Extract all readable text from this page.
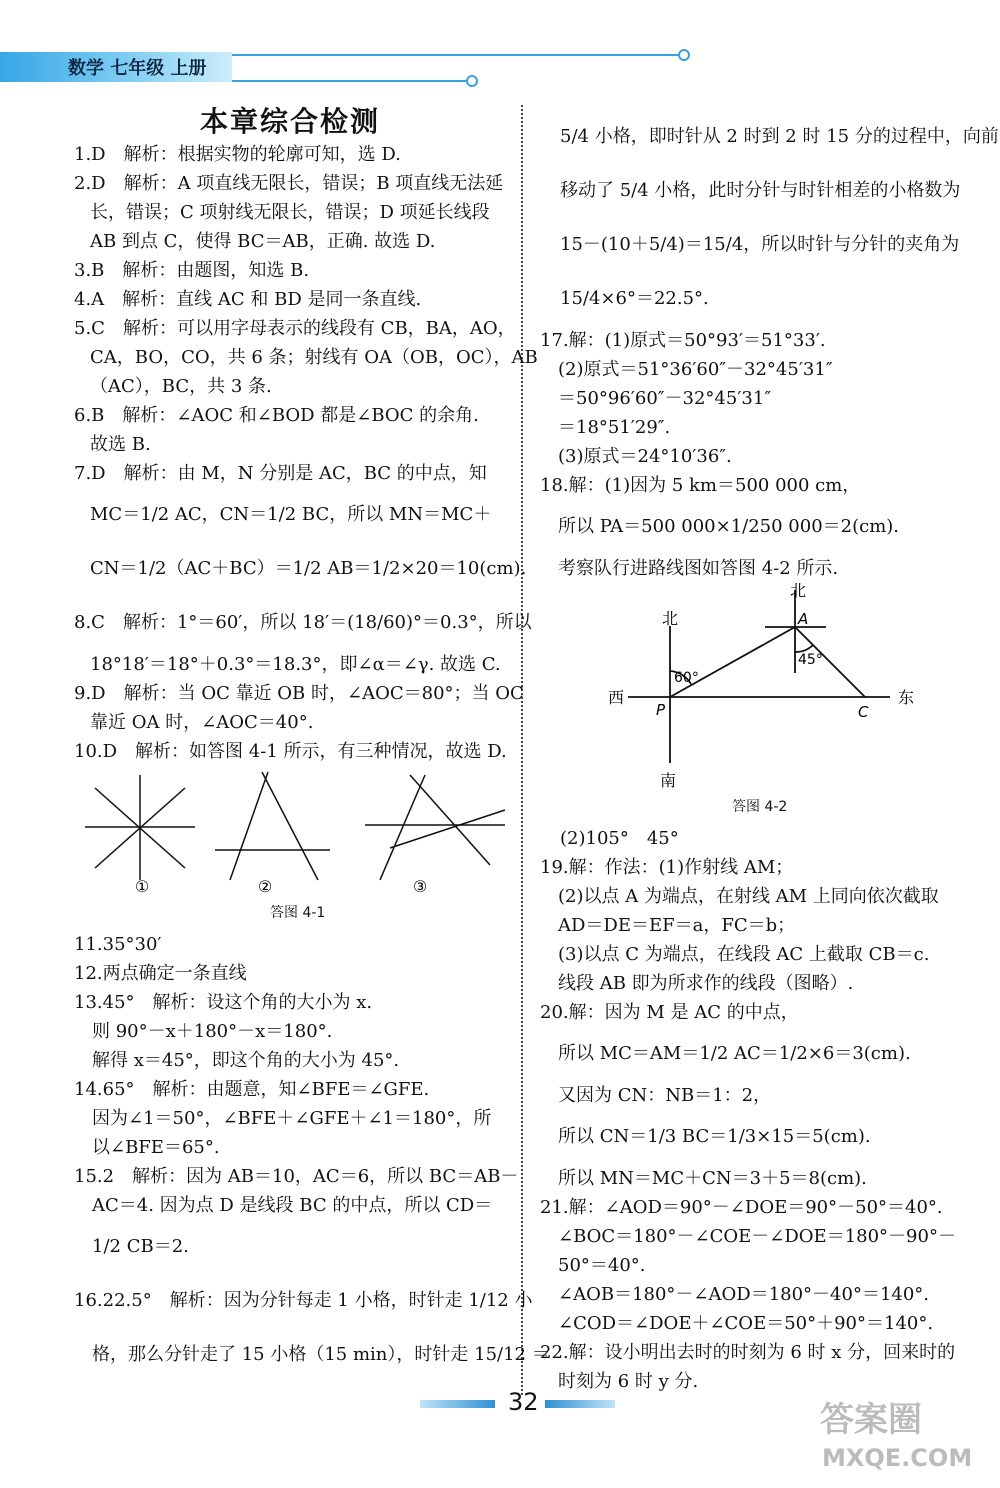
数学 七年级 上册
本章综合检测
1.D　解析：根据实物的轮廓可知，选 D.
2.D　解析：A 项直线无限长，错误；B 项直线无法延
长，错误；C 项射线无限长，错误；D 项延长线段
AB 到点 C，使得 BC＝AB，正确. 故选 D.
3.B　解析：由题图，知选 B.
4.A　解析：直线 AC 和 BD 是同一条直线.
5.C　解析：可以用字母表示的线段有 CB，BA，AO，
CA，BO，CO，共 6 条；射线有 OA（OB，OC），AB
（AC），BC，共 3 条.
6.B　解析：∠AOC 和∠BOD 都是∠BOC 的余角.
故选 B.
7.D　解析：由 M，N 分别是 AC，BC 的中点，知
MC＝1/2 AC，CN＝1/2 BC，所以 MN＝MC＋
CN＝1/2（AC＋BC）＝1/2 AB＝1/2×20＝10(cm).
8.C　解析：1°＝60′，所以 18′＝(18/60)°＝0.3°，所以
18°18′＝18°＋0.3°＝18.3°，即∠α＝∠γ. 故选 C.
9.D　解析：当 OC 靠近 OB 时，∠AOC＝80°；当 OC
靠近 OA 时，∠AOC＝40°.
10.D　解析：如答图 4-1 所示，有三种情况，故选 D.
①	②	③
答图 4-1
11.35°30′
12.两点确定一条直线
13.45°　解析：设这个角的大小为 x.
　则 90°－x＋180°－x＝180°.
　解得 x＝45°，即这个角的大小为 45°.
14.65°　解析：由题意，知∠BFE＝∠GFE.
　因为∠1＝50°，∠BFE＋∠GFE＋∠1＝180°，所
　以∠BFE＝65°.
15.2　解析：因为 AB＝10，AC＝6，所以 BC＝AB－
　AC＝4. 因为点 D 是线段 BC 的中点，所以 CD＝
　1/2 CB＝2.
16.22.5°　解析：因为分针每走 1 小格，时针走 1/12 小
　格，那么分针走了 15 小格（15 min），时针走 15/12 ＝
5/4 小格，即时针从 2 时到 2 时 15 分的过程中，向前
移动了 5/4 小格，此时分针与时针相差的小格数为
15－(10＋5/4)＝15/4，所以时针与分针的夹角为
15/4×6°＝22.5°.
17.解：(1)原式＝50°93′＝51°33′.
　(2)原式＝51°36′60″－32°45′31″
　＝50°96′60″－32°45′31″
　＝18°51′29″.
　(3)原式＝24°10′36″.
18.解：(1)因为 5 km＝500 000 cm，
　所以 PA＝500 000×1/250 000＝2(cm).
　考察队行进路线图如答图 4-2 所示.
北
北
南
西	东
P
A
C
60°
45°
答图 4-2
(2)105°　45°
19.解：作法：(1)作射线 AM；
　(2)以点 A 为端点，在射线 AM 上同向依次截取
　AD＝DE＝EF＝a，FC＝b；
　(3)以点 C 为端点，在线段 AC 上截取 CB＝c.
　线段 AB 即为所求作的线段（图略）.
20.解：因为 M 是 AC 的中点，
　所以 MC＝AM＝1/2 AC＝1/2×6＝3(cm).
　又因为 CN：NB＝1：2，
　所以 CN＝1/3 BC＝1/3×15＝5(cm).
　所以 MN＝MC＋CN＝3＋5＝8(cm).
21.解：∠AOD＝90°－∠DOE＝90°－50°＝40°.
　∠BOC＝180°－∠COE－∠DOE＝180°－90°－
　50°＝40°.
　∠AOB＝180°－∠AOD＝180°－40°＝140°.
　∠COD＝∠DOE＋∠COE＝50°＋90°＝140°.
22.解：设小明出去时的时刻为 6 时 x 分，回来时的
　时刻为 6 时 y 分.
32	答案圈
MXQE.COM
